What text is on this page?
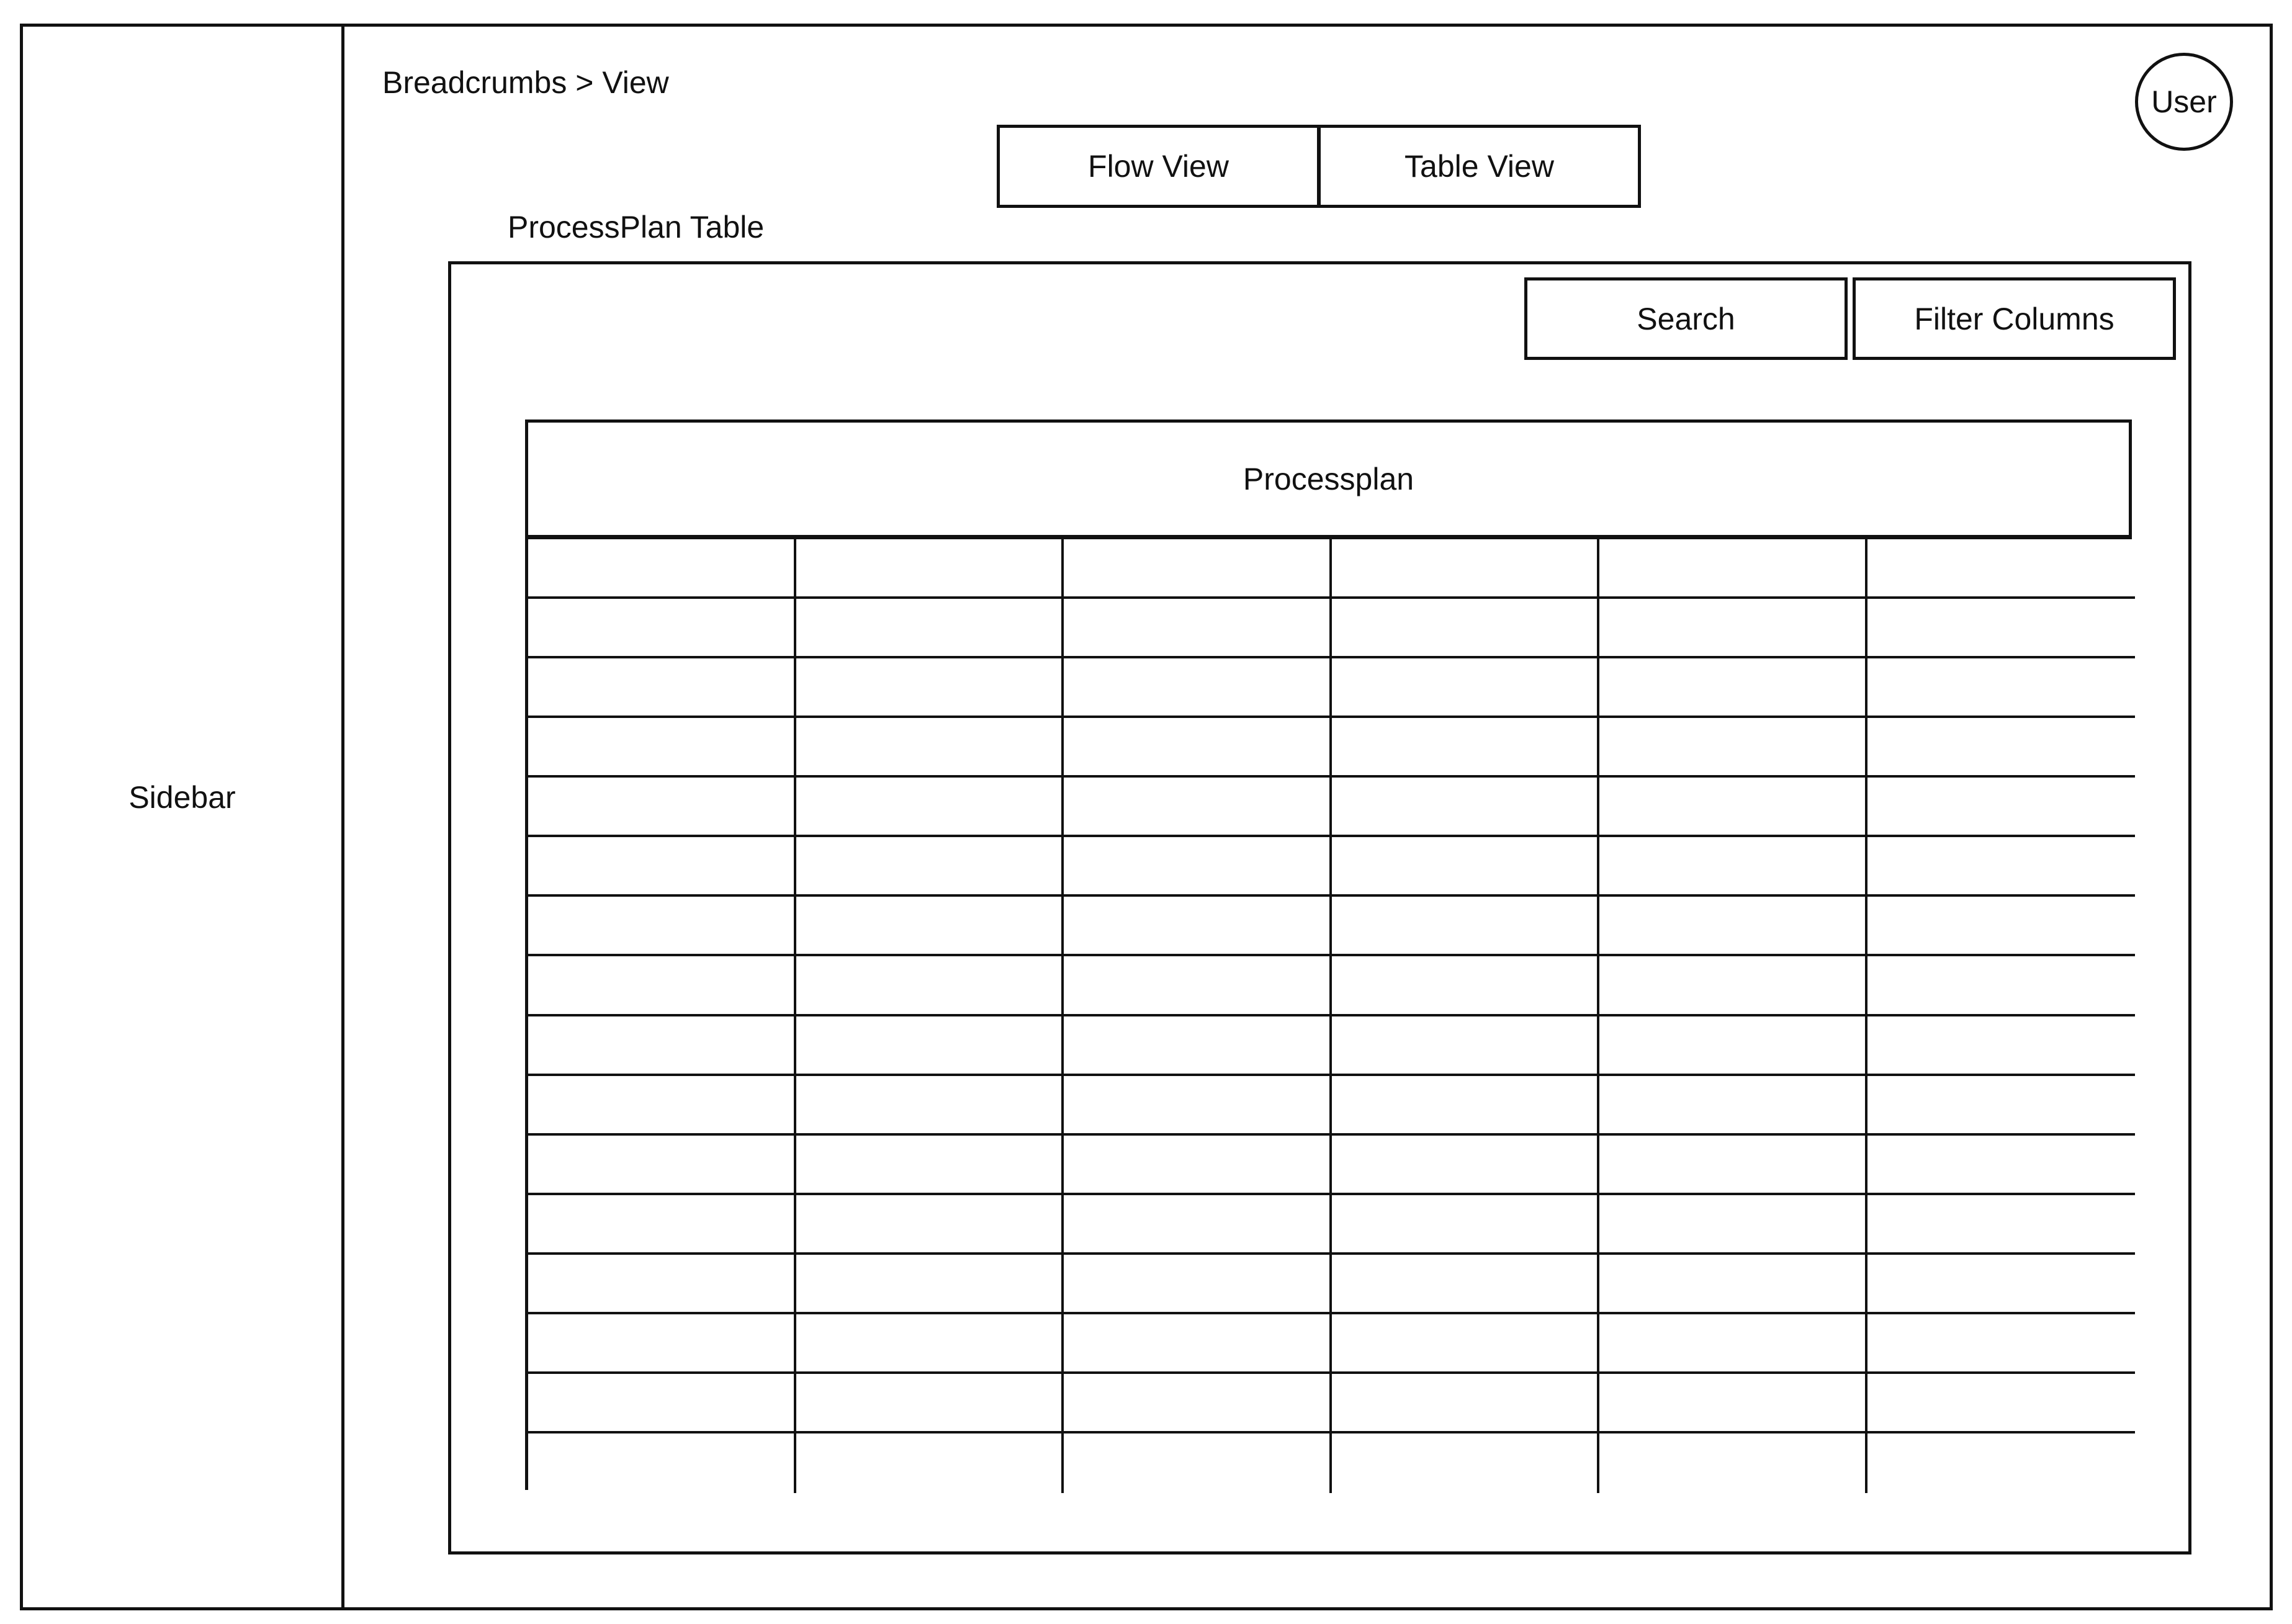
Sidebar
Breadcrumbs > View
User
Flow View	Table View
ProcessPlan Table
Search	Filter Columns
Processplan
